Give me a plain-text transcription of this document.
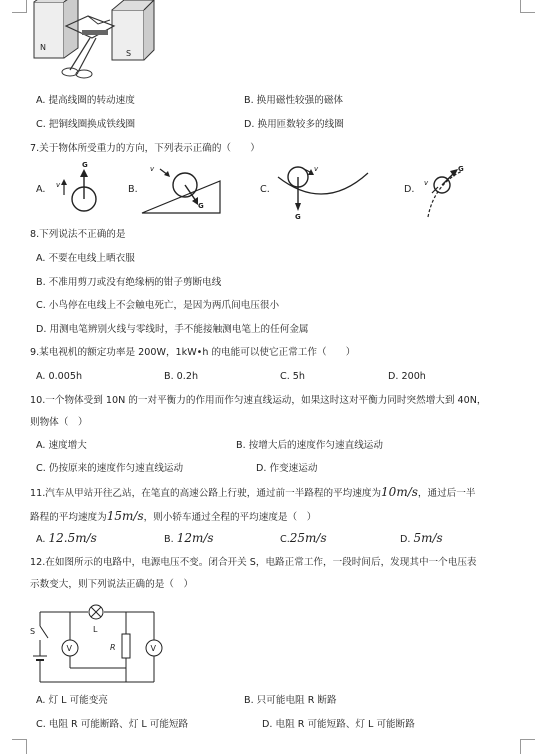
N
S
A. 提高线圈的转动速度	B. 换用磁性较强的磁体
C. 把铜线圈换成铁线圈	D. 换用匝数较多的线圈
7.关于物体所受重力的方向，下列表示正确的（　　）
A.
G
v	B.
G
v
C.
G
v
D.
G
v
8.下列说法不正确的是
A. 不要在电线上晒衣服
B. 不准用剪刀或没有绝缘柄的钳子剪断电线
C. 小鸟停在电线上不会触电死亡，是因为两爪间电压很小
D. 用测电笔辨别火线与零线时，手不能接触测电笔上的任何金属
9.某电视机的额定功率是 200W，1kW•h 的电能可以使它正常工作（　　）
A. 0.005h	B. 0.2h	C. 5h	D. 200h
10.一个物体受到 10N 的一对平衡力的作用而作匀速直线运动，如果这时这对平衡力同时突然增大到 40N，
则物体（　）
A. 速度增大	B. 按增大后的速度作匀速直线运动
C. 仍按原来的速度作匀速直线运动	D. 作变速运动
11.汽车从甲站开往乙站，在笔直的高速公路上行驶，通过前一半路程的平均速度为10m/s，通过后一半
路程的平均速度为15m/s，则小轿车通过全程的平均速度是（　）
A. 12.5m/s	B. 12m/s	C.25m/s	D. 5m/s
12.在如图所示的电路中，电源电压不变。闭合开关 S，电路正常工作，一段时间后，发现其中一个电压表
示数变大，则下列说法正确的是（　）
L
S
V	R	V
A. 灯 L 可能变亮	B. 只可能电阻 R 断路
C. 电阻 R 可能断路、灯 L 可能短路	D. 电阻 R 可能短路、灯 L 可能断路
